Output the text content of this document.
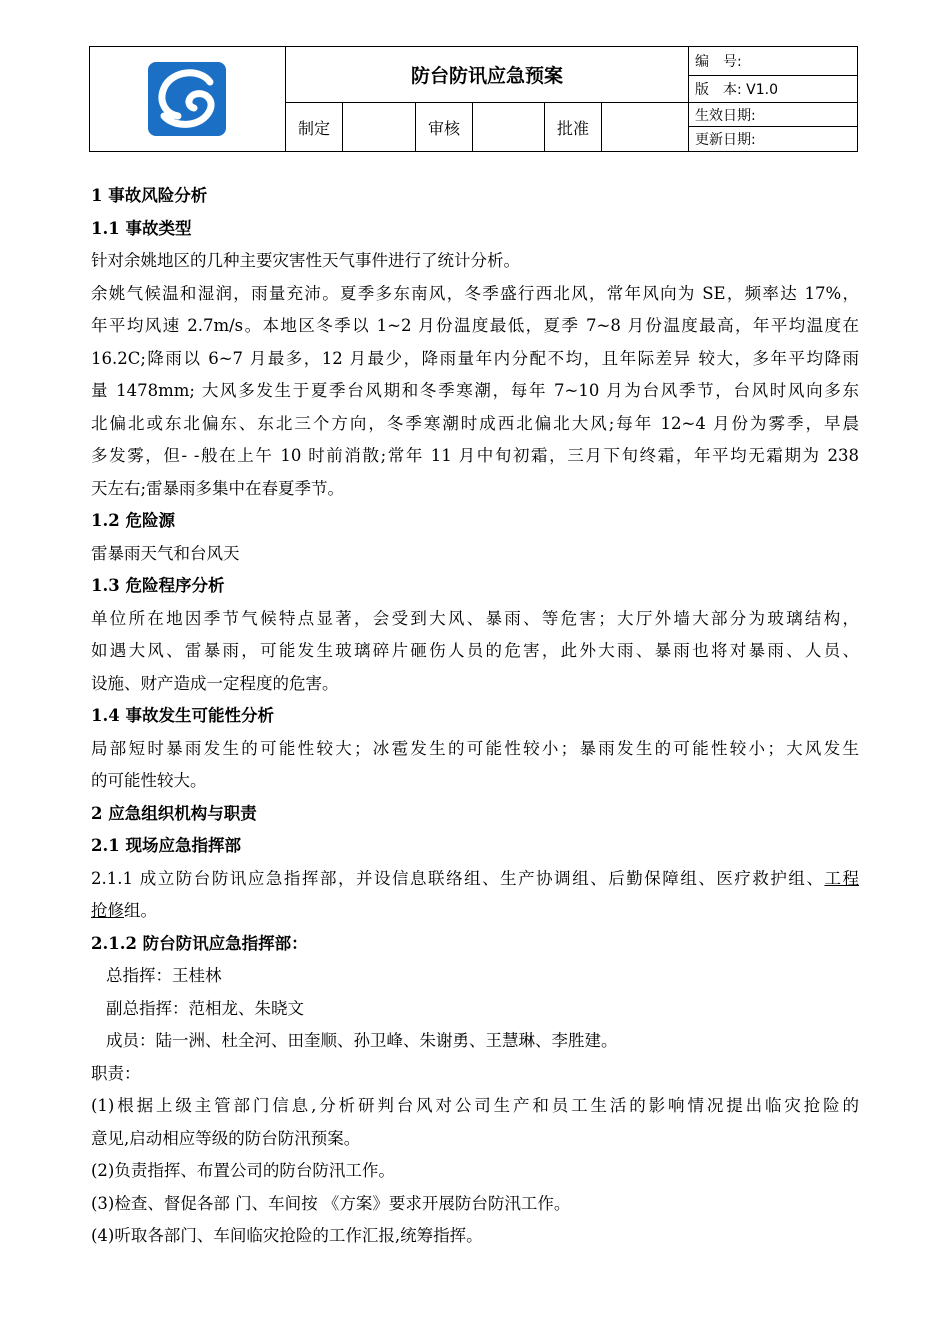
防台防讯应急预案
制定	审核	批准
编　号:
版　本: V1.0
生效日期:
更新日期:
1 事故风险分析
1.1 事故类型
针对余姚地区的几种主要灾害性天气事件进行了统计分析。
余姚气候温和湿润，雨量充沛。夏季多东南风，冬季盛行西北风，常年风向为 SE，频率达 17%，
年平均风速 2.7m/s。本地区冬季以 1~2 月份温度最低，夏季 7~8 月份温度最高，年平均温度在
16.2C;降雨以 6~7 月最多，12 月最少，降雨量年内分配不均，且年际差异 较大，多年平均降雨
量 1478mm; 大风多发生于夏季台风期和冬季寒潮，每年 7~10 月为台风季节，台风时风向多东
北偏北或东北偏东、东北三个方向，冬季寒潮时成西北偏北大风;每年 12~4 月份为雾季，早晨
多发雾，但- -般在上午 10 时前消散;常年 11 月中旬初霜，三月下旬终霜，年平均无霜期为 238
天左右;雷暴雨多集中在春夏季节。
1.2 危险源
雷暴雨天气和台风天
1.3 危险程序分析
单位所在地因季节气候特点显著，会受到大风、暴雨、等危害；大厅外墙大部分为玻璃结构，
如遇大风、雷暴雨，可能发生玻璃碎片砸伤人员的危害，此外大雨、暴雨也将对暴雨、人员、
设施、财产造成一定程度的危害。
1.4 事故发生可能性分析
局部短时暴雨发生的可能性较大；冰雹发生的可能性较小；暴雨发生的可能性较小；大风发生
的可能性较大。
2 应急组织机构与职责
2.1 现场应急指挥部
2.1.1 成立防台防讯应急指挥部，并设信息联络组、生产协调组、后勤保障组、医疗救护组、工程
抢修组。
2.1.2 防台防讯应急指挥部：
总指挥：王桂林
副总指挥：范相龙、朱晓文
成员：陆一洲、杜全河、田奎顺、孙卫峰、朱谢勇、王慧琳、李胜建。
职责：
(1)根据上级主管部门信息,分析研判台风对公司生产和员工生活的影响情况提出临灾抢险的
意见,启动相应等级的防台防汛预案。
(2)负责指挥、布置公司的防台防汛工作。
(3)检查、督促各部 门、车间按 《方案》要求开展防台防汛工作。
(4)听取各部门、车间临灾抢险的工作汇报,统筹指挥。
